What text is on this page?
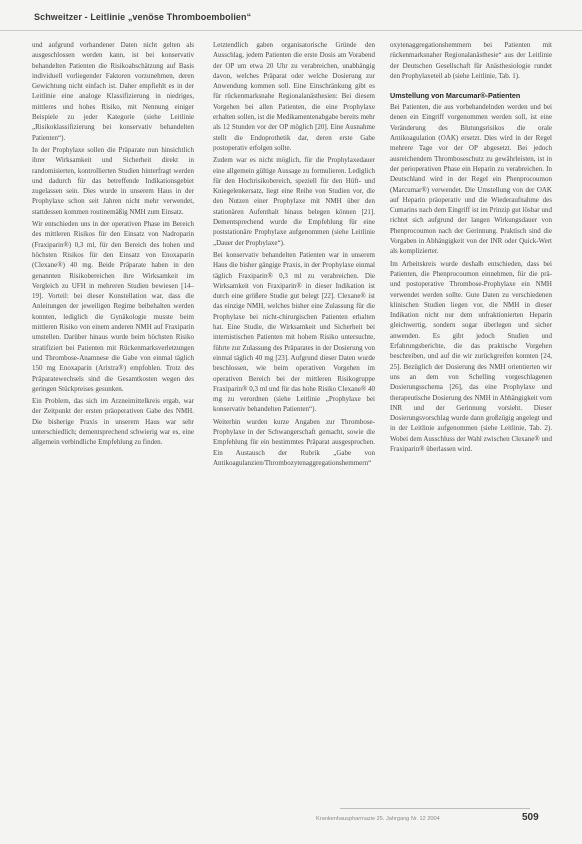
Schweitzer - Leitlinie „venöse Thromboembolien“

und aufgrund vorhandener Daten nicht gelten als ausgeschlossen werden kann, ist bei konservativ behandelten Patienten die Risikoabschätzung auf Basis individuell vorliegender Faktoren vorzunehmen, deren Gewichtung nicht einfach ist. Daher empfiehlt es in der Leitlinie eine analoge Klassifizierung in niedriges, mittleres und hohes Risiko, mit Nennung einiger Beispiele zu jeder Kategorie (siehe Leitlinie „Risikoklassifizierung bei konservativ behandelten Patienten“).

In der Prophylaxe sollen die Präparate nun hinsichtlich ihrer Wirksamkeit und Sicherheit direkt in randomisierten, kontrollierten Studien hinterfragt werden und dadurch für das betreffende Indikationsgebiet zugelassen sein. Dies wurde in unserem Haus in der Prophylaxe schon seit Jahren nicht mehr verwendet, stattdessen kommen routinemäßig NMH zum Einsatz.

Wir entschieden uns in der operativen Phase im Bereich des mittleren Risikos für den Einsatz von Nadroparin (Fraxiparin®) 0,3 ml, für den Bereich des hohen und höchsten Risikos für den Einsatz von Enoxaparin (Clexane®) 40 mg. Beide Präparate haben in den genannten Risikobereichen ihre Wirksamkeit im Vergleich zu UFH in mehreren Studien bewiesen [14–19]. Vorteil: bei dieser Konstellation war, dass die Anleitungen der jeweiligen Regime beibehalten werden konnten, lediglich die Gynäkologie musste beim mittleren Risiko von einem anderen NMH auf Fraxiparin umstellen. Darüber hinaus wurde beim höchsten Risiko stratifiziert bei Patienten mit Rückenmarksverletzungen und Thrombose-Anamnese die Gabe von einmal täglich 150 mg Enoxaparin (Arixtra®) empfohlen. Trotz des Präparatewechsels sind die Gesamtkosten wegen des geringen Stückpreises gesunken.

Ein Problem, das sich im Arzneimittelkreis ergab, war der Zeitpunkt der ersten präoperativen Gabe des NMH. Die bisherige Praxis in unserem Haus war sehr unterschiedlich; dementsprechend schwierig war es, eine allgemein verbindliche Empfehlung zu finden.

Letztendlich gaben organisatorische Gründe den Ausschlag, jedem Patienten die erste Dosis am Vorabend der OP um etwa 20 Uhr zu verabreichen, unabhängig davon, welches Präparat oder welche Dosierung zur Anwendung kommen soll. Eine Einschränkung gibt es für rückenmarksnahe Regionalanästhesien: Bei diesem Vorgehen bei allen Patienten, die eine Prophylaxe erhalten sollen, ist die Medikamentenabgabe bereits mehr als 12 Stunden vor der OP möglich [20]. Eine Ausnahme stellt die Endoprothetik dar, deren erste Gabe postoperativ erfolgen sollte.

Zudem war es nicht möglich, für die Prophylaxedauer eine allgemein gültige Aussage zu formulieren. Lediglich für den Hochrisikobereich, speziell für den Hüft- und Kniegelenkersatz, liegt eine Reihe von Studien vor, die den Nutzen einer Prophylaxe mit NMH über den stationären Aufenthalt hinaus belegen können [21]. Dementsprechend wurde die Empfehlung für eine poststationäre Prophylaxe aufgenommen (siehe Leitlinie „Dauer der Prophylaxe“).

Bei konservativ behandelten Patienten war in unserem Haus die bisher gängige Praxis, in der Prophylaxe einmal täglich Fraxiparin® 0,3 ml zu verabreichen. Die Wirksamkeit von Fraxiparin® in dieser Indikation ist durch eine größere Studie gut belegt [22]. Clexane® ist das einzige NMH, welches bisher eine Zulassung für die Prophylaxe bei nicht-chirurgischen Patienten erhalten hat. Eine Studie, die Wirksamkeit und Sicherheit bei internistischen Patienten mit hohem Risiko untersuchte, führte zur Zulassung des Präparates in der Dosierung von einmal täglich 40 mg [23]. Aufgrund dieser Daten wurde beschlossen, wie beim operativen Vorgehen im operativen Bereich bei der mittleren Risikogruppe Fraxiparin® 0,3 ml und für das hohe Risiko Clexane® 40 mg zu verordnen (siehe Leitlinie „Prophylaxe bei konservativ behandelten Patienten“).

Weiterhin wurden kurze Angaben zur Thrombose-Prophylaxe in der Schwangerschaft gemacht, sowie die Empfehlung für ein bestimmtes Präparat ausgesprochen. Ein Austausch der Rubrik „Gabe von Antikoagulanzien/Thrombozytenaggregationshemmern“

oxytenaggregationshemmern bei Patienten mit rückenmarksnaher Regionalanästhesie“ aus der Leitlinie der Deutschen Gesellschaft für Anästhesiologie rundet den Prophylaxeteil ab (siehe Leitlinie, Tab. 1).

Umstellung von Marcumar®-Patienten

Bei Patienten, die aus vorbehandelnden werden und bei denen ein Eingriff vorgenommen werden soll, ist eine Veränderung des Blutungsrisikos die orale Antikoagulation (OAK) ersetzt. Dies wird in der Regel mehrere Tage vor der OP abgesetzt. Bei jedoch ausreichendem Thromboseschutz zu gewährleisten, ist in der perioperativen Phase ein Heparin zu verabreichen. In Deutschland wird in der Regel ein Phenprocoumon (Marcumar®) verwendet. Die Umstellung von der OAK auf Heparin präoperativ und die Wiederaufnahme des Cumarins nach dem Eingriff ist im Prinzip gut lösbar und richtet sich aufgrund der langen Wirkungsdauer von Phenprocoumon nach der Gerinnung. Praktisch sind die Vorgaben in Abhängigkeit von der INR oder Quick-Wert als komplizierter.

Im Arbeitskreis wurde deshalb entschieden, dass bei Patienten, die Phenprocoumon einnehmen, für die prä- und postoperative Thrombose-Prophylaxe ein NMH verwendet werden sollte. Gute Daten zu verschiedenen klinischen Studien liegen vor, die NMH in dieser Indikation nicht nur dem unfraktionierten Heparin gleichwertig, sondern sogar überlegen und sicher anwenden. Es gibt jedoch Studien und Erfahrungsberichte, die das praktische Vorgehen beschreiben, und auf die wir zurückgreifen konnten [24, 25]. Bezüglich der Dosierung des NMH orientierten wir uns an dem von Schelling vorgeschlagenen Dosierungsschema [26], das eine Prophylaxe und therapeutische Dosierung des NMH in Abhängigkeit vom INR und der Gerinnung vorsieht. Dieser Dosierungsvorschlag wurde dann großzügig angelegt und in der Leitlinie aufgenommen (siehe Leitlinie, Tab. 2). Wobei dem Ausschluss der Wahl zwischen Clexane® und Fraxiparin® überlassen wird.

Krankenhauspharmazie 25. Jahrgang Nr. 12 2004	509
